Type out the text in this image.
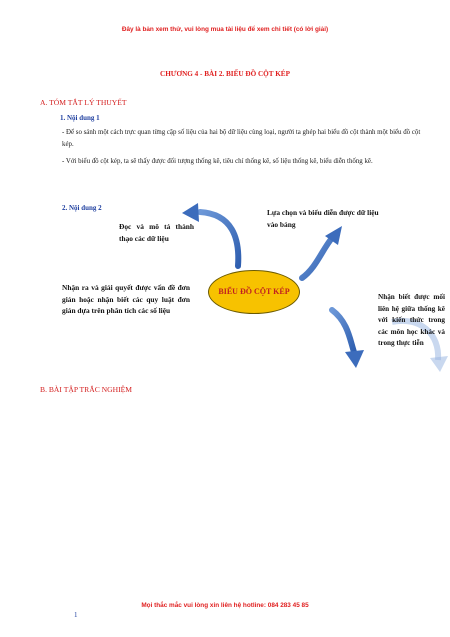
Đây là bản xem thử, vui lòng mua tài liệu để xem chi tiết (có lời giải)
CHƯƠNG 4 - BÀI 2. BIỂU ĐỒ CỘT KÉP
A. TÓM TẮT LÝ THUYẾT
1. Nội dung 1
- Để so sánh một cách trực quan từng cặp số liệu của hai bộ dữ liệu cùng loại, người ta ghép hai biểu đồ cột thành một biểu đồ cột kép.
- Với biểu đồ cột kép, ta sẽ thấy được đối tượng thống kê, tiêu chí thống kê, số liệu thống kê, biểu diễn thống kê.
2. Nội dung 2
Đọc và mô tả thành thạo các dữ liệu
Lựa chọn và biểu diễn được dữ liệu vào bảng
Nhận ra và giải quyết được vấn đề đơn giản hoặc nhận biết các quy luật đơn giản dựa trên phân tích các số liệu
BIỂU ĐỒ CỘT KÉP
Nhận biết được mối liên hệ giữa thống kê với kiến thức trong các môn học khác và trong thực tiễn
B. BÀI TẬP TRẮC NGHIỆM
Mọi thắc mắc vui lòng xin liên hệ hotline: 084 283 45 85
1
